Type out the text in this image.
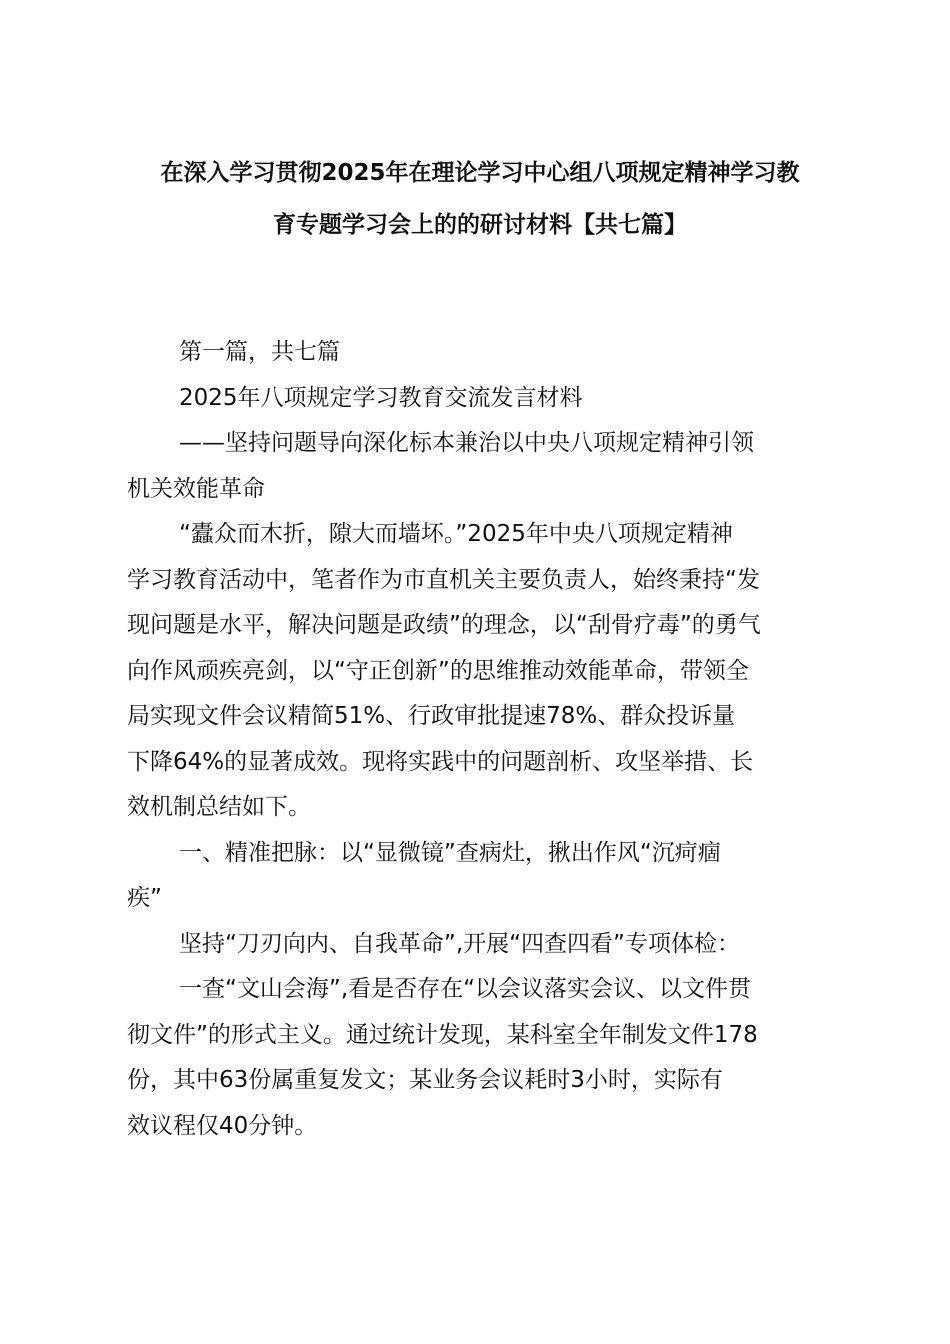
在深入学习贯彻2025年在理论学习中心组八项规定精神学习教
育专题学习会上的的研讨材料【共七篇】
第一篇，共七篇
2025年八项规定学习教育交流发言材料
——坚持问题导向深化标本兼治以中央八项规定精神引领
机关效能革命
“蠹众而木折，隙大而墙坏。”2025年中央八项规定精神
学习教育活动中，笔者作为市直机关主要负责人，始终秉持“发
现问题是水平，解决问题是政绩”的理念，以“刮骨疗毒”的勇气
向作风顽疾亮剑，以“守正创新”的思维推动效能革命，带领全
局实现文件会议精简51%、行政审批提速78%、群众投诉量
下降64%的显著成效。现将实践中的问题剖析、攻坚举措、长
效机制总结如下。
一、精准把脉：以“显微镜”查病灶，揪出作风“沉疴痼
疾”
坚持“刀刃向内、自我革命”,开展“四查四看”专项体检：
一查“文山会海”,看是否存在“以会议落实会议、以文件贯
彻文件”的形式主义。通过统计发现，某科室全年制发文件178
份，其中63份属重复发文；某业务会议耗时3小时，实际有
效议程仅40分钟。
